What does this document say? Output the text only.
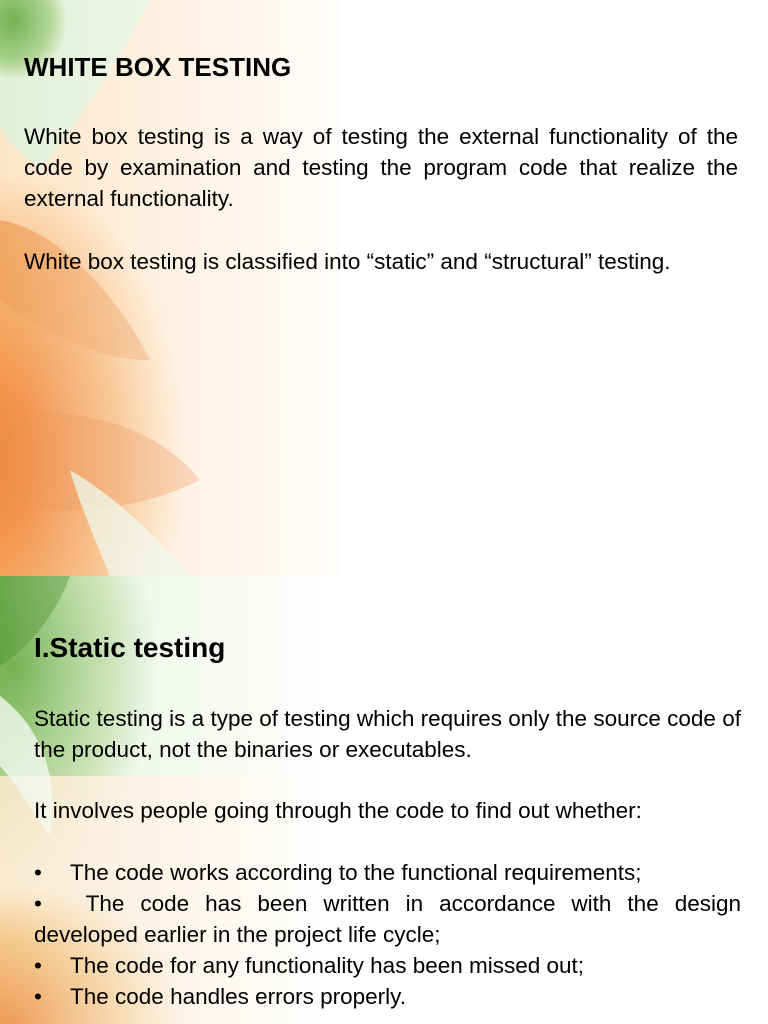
WHITE BOX TESTING

White box testing is a way of testing the external functionality of the code by examination and testing the program code that realize the external functionality.

White box testing is classified into “static” and “structural” testing.

I.Static testing

Static testing is a type of testing which requires only the source code of the product, not the binaries or executables.

It involves people going through the code to find out whether:

• The code works according to the functional requirements;
• The code has been written in accordance with the design developed earlier in the project life cycle;
• The code for any functionality has been missed out;
• The code handles errors properly.
